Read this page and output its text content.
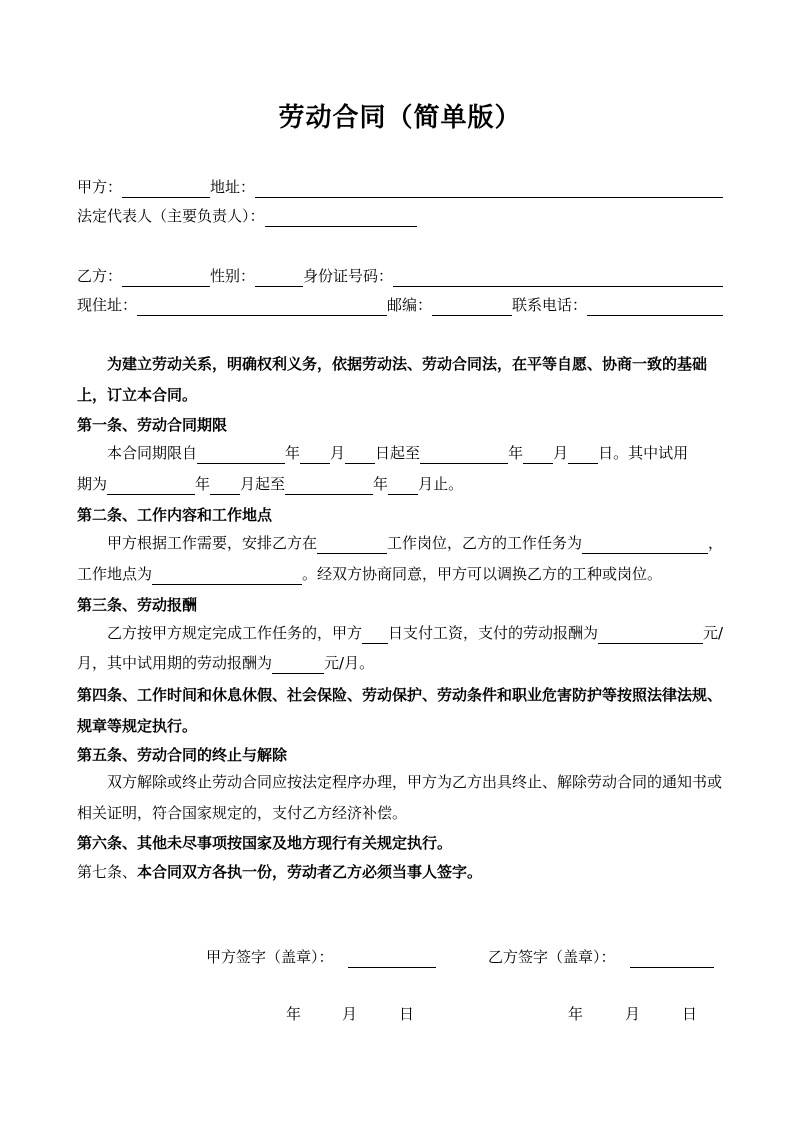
劳动合同（简单版）
甲方：	地址：
法定代表人（主要负责人）：
乙方：	性别：	身份证号码：
现住址：	邮编：	联系电话：
为建立劳动关系，明确权利义务，依据劳动法、劳动合同法，在平等自愿、协商一致的基础上，订立本合同。
第一条、劳动合同期限
本合同期限自	年 月 日起至	年 月 日。其中试用
期为	年 月起至	年 月止。
第二条、工作内容和工作地点
甲方根据工作需要，安排乙方在	工作岗位，乙方的工作任务为	，
工作地点为	。经双方协商同意，甲方可以调换乙方的工种或岗位。
第三条、劳动报酬
乙方按甲方规定完成工作任务的，甲方 日支付工资，支付的劳动报酬为	元/
月，其中试用期的劳动报酬为	元/月。
第四条、工作时间和休息休假、社会保险、劳动保护、劳动条件和职业危害防护等按照法律法规、规章等规定执行。
第五条、劳动合同的终止与解除
双方解除或终止劳动合同应按法定程序办理，甲方为乙方出具终止、解除劳动合同的通知书或相关证明，符合国家规定的，支付乙方经济补偿。
第六条、其他未尽事项按国家及地方现行有关规定执行。
第七条、本合同双方各执一份，劳动者乙方必须当事人签字。
甲方签字（盖章）：	乙方签字（盖章）：
年	月	日	年	月	日
